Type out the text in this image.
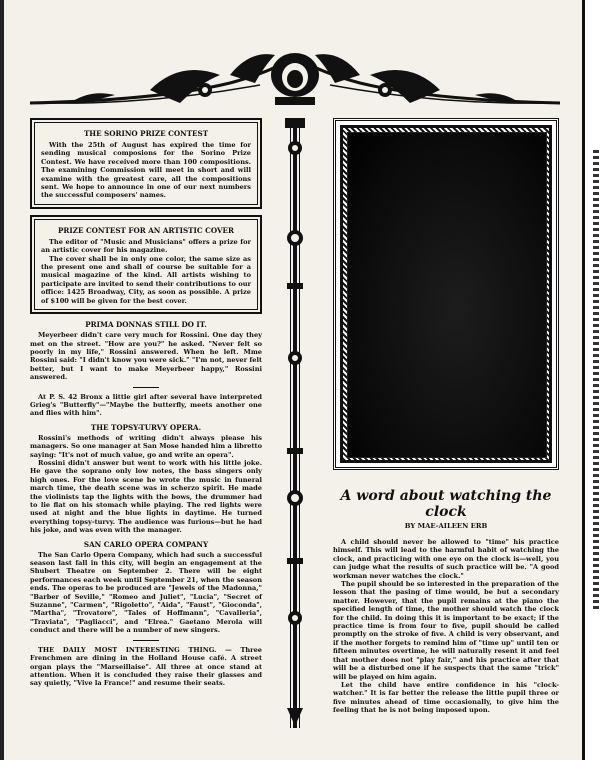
THE SORINO PRIZE CONTEST

With the 25th of August has expired the time for sending musical composions for the Sorino Prize Contest. We have received more than 100 compositions. The examining Commission will meet in short and will examine with the greatest care, all the compositions sent. We hope to announce in one of our next numbers the successful composers' names.

PRIZE CONTEST FOR AN ARTISTIC COVER

The editor of "Music and Musicians" offers a prize for an artistic cover for his magazine.

The cover shall be in only one color, the same size as the present one and shall of course be suitable for a musical magazine of the kind. All artists wishing to participate are invited to send their contributions to our office: 1425 Broadway, City, as soon as possible. A prize of $100 will be given for the best cover.

PRIMA DONNAS STILL DO IT.

Meyerbeer didn't care very much for Rossini. One day they met on the street. "How are you?" he asked. "Never felt so poorly in my life," Rossini answered. When he left. Mme Rossini said: "I didn't know you were sick." "I'm not, never felt better, but I want to make Meyerbeer happy," Rossini answered.

At P. S. 42 Bronx a little girl after several have interpreted Grieg's "Butterfly"—"Maybe the butterfly, meets another one and flies with him".

THE TOPSY-TURVY OPERA.

Rossini's methods of writing didn't always please his managers. So one manager at San Mose handed him a libretto saying: "It's not of much value, go and write an opera".

Rossini didn't answer but went to work with his little joke. He gave the soprano only low notes, the bass singers only high ones. For the love scene he wrote the music in funeral march time, the death scene was in scherzo spirit. He made the violinists tap the lights with the bows, the drummer had to lie flat on his stomach while playing. The red lights were used at night and the blue lights in daytime. He turned everything topsy-turvy. The audience was furious—but he had his joke, and was even with the manager.

SAN CARLO OPERA COMPANY

The San Carlo Opera Company, which had such a successful season last fall in this city, will begin an engagement at the Shubert Theatre on September 2. There will be eight performances each week until September 21, when the season ends. The operas to be produced are "Jewels of the Madonna," "Barber of Seville," "Romeo and Juliet", "Lucia", "Secret of Suzanne", "Carmen", "Rigoletto", "Aida", "Faust", "Gioconda", "Martha", "Trovatore", "Tales of Hoffmann", "Cavalleria", "Traviata", "Pagliacci", and "Elrea." Gaetano Merola will conduct and there will be a number of new singers.

THE DAILY MOST INTERESTING THING. — Three Frenchmen are dining in the Holland House café. A street organ plays the "Marseillaise". All three at once stand at attention. When it is concluded they raise their glasses and say quietly, "Vive la France!" and resume their seats.

A word about watching the clock
BY MAE-AILEEN ERB

A child should never be allowed to "time" his practice himself. This will lead to the harmful habit of watching the clock, and practicing with one eye on the clock is—well, you can judge what the results of such practice will be. "A good workman never watches the clock."

The pupil should be so interested in the preparation of the lesson that the pasing of time would, be but a secondary matter. However, that the pupil remains at the piano the specified length of time, the mother should watch the clock for the child. In doing this it is important to be exact; if the practice time is from four to five, pupil should be called promptly on the stroke of five. A child is very observant, and if the mother forgets to remind him of "time up" until ten or fifteen minutes overtime, he will naturally resent it and feel that mother does not "play fair," and his practice after that will be a disturbed one if he suspects that the same "trick" will be played on him again.

Let the child have entire confidence in his "clock-watcher." It is far better the release the little pupil three or five minutes ahead of time occasionally, to give him the feeling that he is not being imposed upon.
